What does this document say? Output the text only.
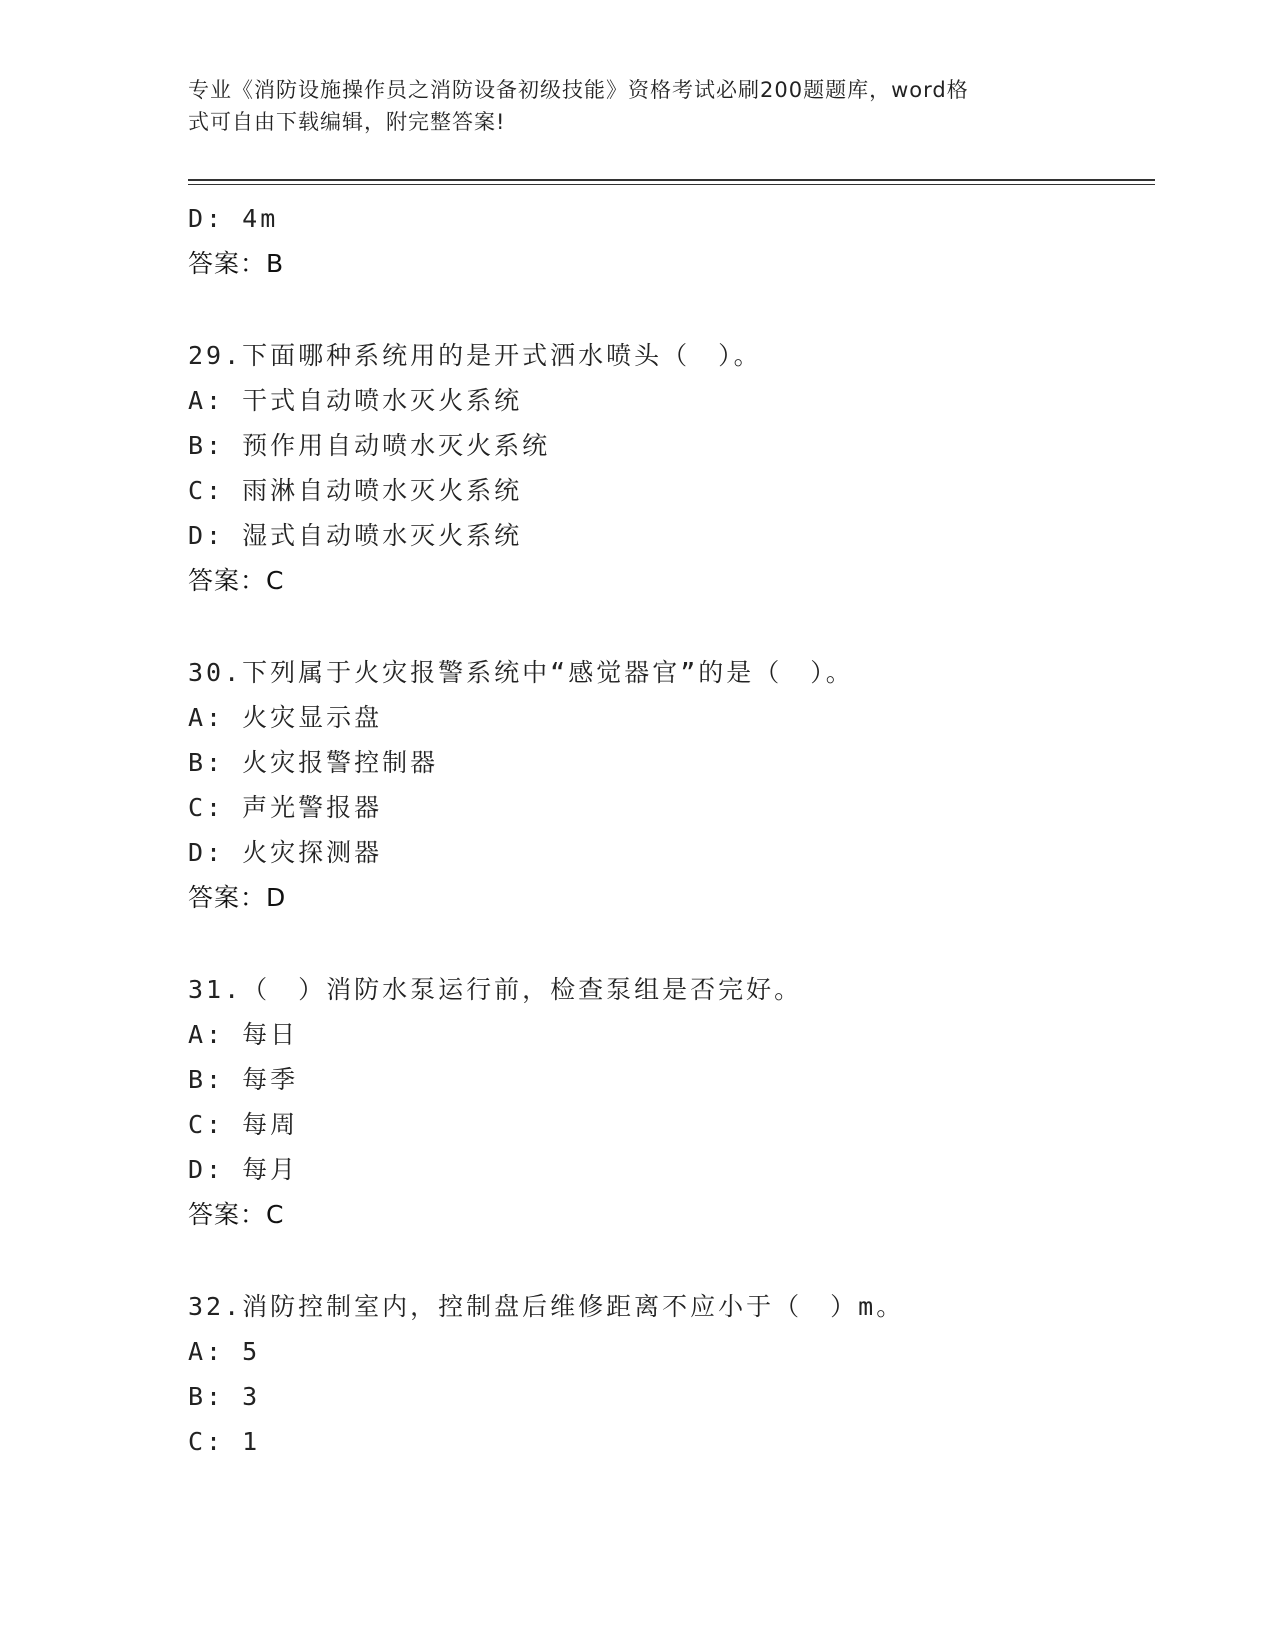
专业《消防设施操作员之消防设备初级技能》资格考试必刷200题题库，word格
式可自由下载编辑，附完整答案!
D: 4m
答案：B
29.下面哪种系统用的是开式洒水喷头（　）。
A: 干式自动喷水灭火系统
B: 预作用自动喷水灭火系统
C: 雨淋自动喷水灭火系统
D: 湿式自动喷水灭火系统
答案：C
30.下列属于火灾报警系统中“感觉器官”的是（　）。
A: 火灾显示盘
B: 火灾报警控制器
C: 声光警报器
D: 火灾探测器
答案：D
31.（　）消防水泵运行前，检查泵组是否完好。
A: 每日
B: 每季
C: 每周
D: 每月
答案：C
32.消防控制室内，控制盘后维修距离不应小于（　）m。
A: 5
B: 3
C: 1
